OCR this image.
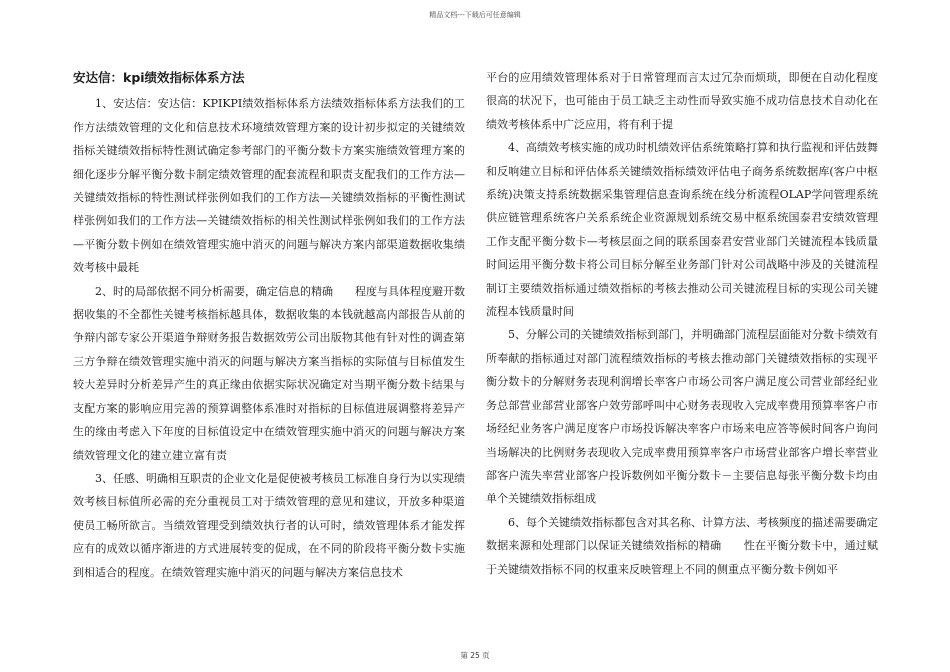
精品文档---下载后可任意编辑
安达信：kpi绩效指标体系方法

1、安达信：安达信：KPIKPI绩效指标体系方法绩效指标体系方法我们的工作方法绩效管理的文化和信息技术环境绩效管理方案的设计初步拟定的关键绩效指标关键绩效指标特性测试确定参考部门的平衡分数卡方案实施绩效管理方案的细化逐步分解平衡分数卡制定绩效管理的配套流程和职责支配我们的工作方法—关键绩效指标的特性测试样张例如我们的工作方法—关键绩效指标的平衡性测试样张例如我们的工作方法—关键绩效指标的相关性测试样张例如我们的工作方法—平衡分数卡例如在绩效管理实施中消灭的问题与解决方案内部渠道数据收集绩效考核中最耗

2、时的局部依据不同分析需要，确定信息的精确　　程度与具体程度避开数据收集的不全都性关键考核指标越具体，数据收集的本钱就越高内部报告从前的争辩内部专家公开渠道争辩财务报告数据效劳公司出版物其他有针对性的调查第三方争辩在绩效管理实施中消灭的问题与解决方案当指标的实际值与目标值发生较大差异时分析差异产生的真正缘由依据实际状况确定对当期平衡分数卡结果与支配方案的影响应用完善的预算调整体系准时对指标的目标值进展调整将差异产生的缘由考虑入下年度的目标值设定中在绩效管理实施中消灭的问题与解决方案绩效管理文化的建立建立富有责

3、任感、明确相互职责的企业文化是促使被考核员工标准自身行为以实现绩效考核目标值所必需的充分重视员工对于绩效管理的意见和建议，开放多种渠道使员工畅所欲言。当绩效管理受到绩效执行者的认可时，绩效管理体系才能发挥应有的成效以循序渐进的方式进展转变的促成，在不同的阶段将平衡分数卡实施到相适合的程度。在绩效管理实施中消灭的问题与解决方案信息技术

平台的应用绩效管理体系对于日常管理而言太过冗杂而烦琐，即便在自动化程度很高的状况下，也可能由于员工缺乏主动性而导致实施不成功信息技术自动化在绩效考核体系中广泛应用，将有利于提

4、高绩效考核实施的成功时机绩效评估系统策略打算和执行监视和评估鼓舞和反响建立目标和评估体系关键绩效指标绩效评估电子商务系统数据库(客户中枢系统)决策支持系统数据采集管理信息查询系统在线分析流程OLAP学问管理系统供应链管理系统客户关系系统企业资源规划系统交易中枢系统国泰君安绩效管理工作支配平衡分数卡—考核层面之间的联系国泰君安营业部门关键流程本钱质量时间运用平衡分数卡将公司目标分解至业务部门针对公司战略中涉及的关键流程制订主要绩效指标通过绩效指标的考核去推动公司关键流程目标的实现公司关键流程本钱质量时间

5、分解公司的关键绩效指标到部门，并明确部门流程层面能对分数卡绩效有所奉献的指标通过对部门流程绩效指标的考核去推动部门关键绩效指标的实现平衡分数卡的分解财务表现利润增长率客户市场公司客户满足度公司营业部经纪业务总部营业部营业部客户效劳部呼叫中心财务表现收入完成率费用预算率客户市场经纪业务客户满足度客户市场投诉解决率客户市场来电应答等候时间客户询问当场解决的比例财务表现收入完成率费用预算率客户市场营业部客户增长率营业部客户流失率营业部客户投诉数例如平衡分数卡－主要信息每张平衡分数卡均由单个关键绩效指标组成

6、每个关键绩效指标都包含对其名称、计算方法、考核频度的描述需要确定数据来源和处理部门以保证关键绩效指标的精确　　性在平衡分数卡中，通过赋于关键绩效指标不同的权重来反映管理上不同的侧重点平衡分数卡例如平

第 25 页
